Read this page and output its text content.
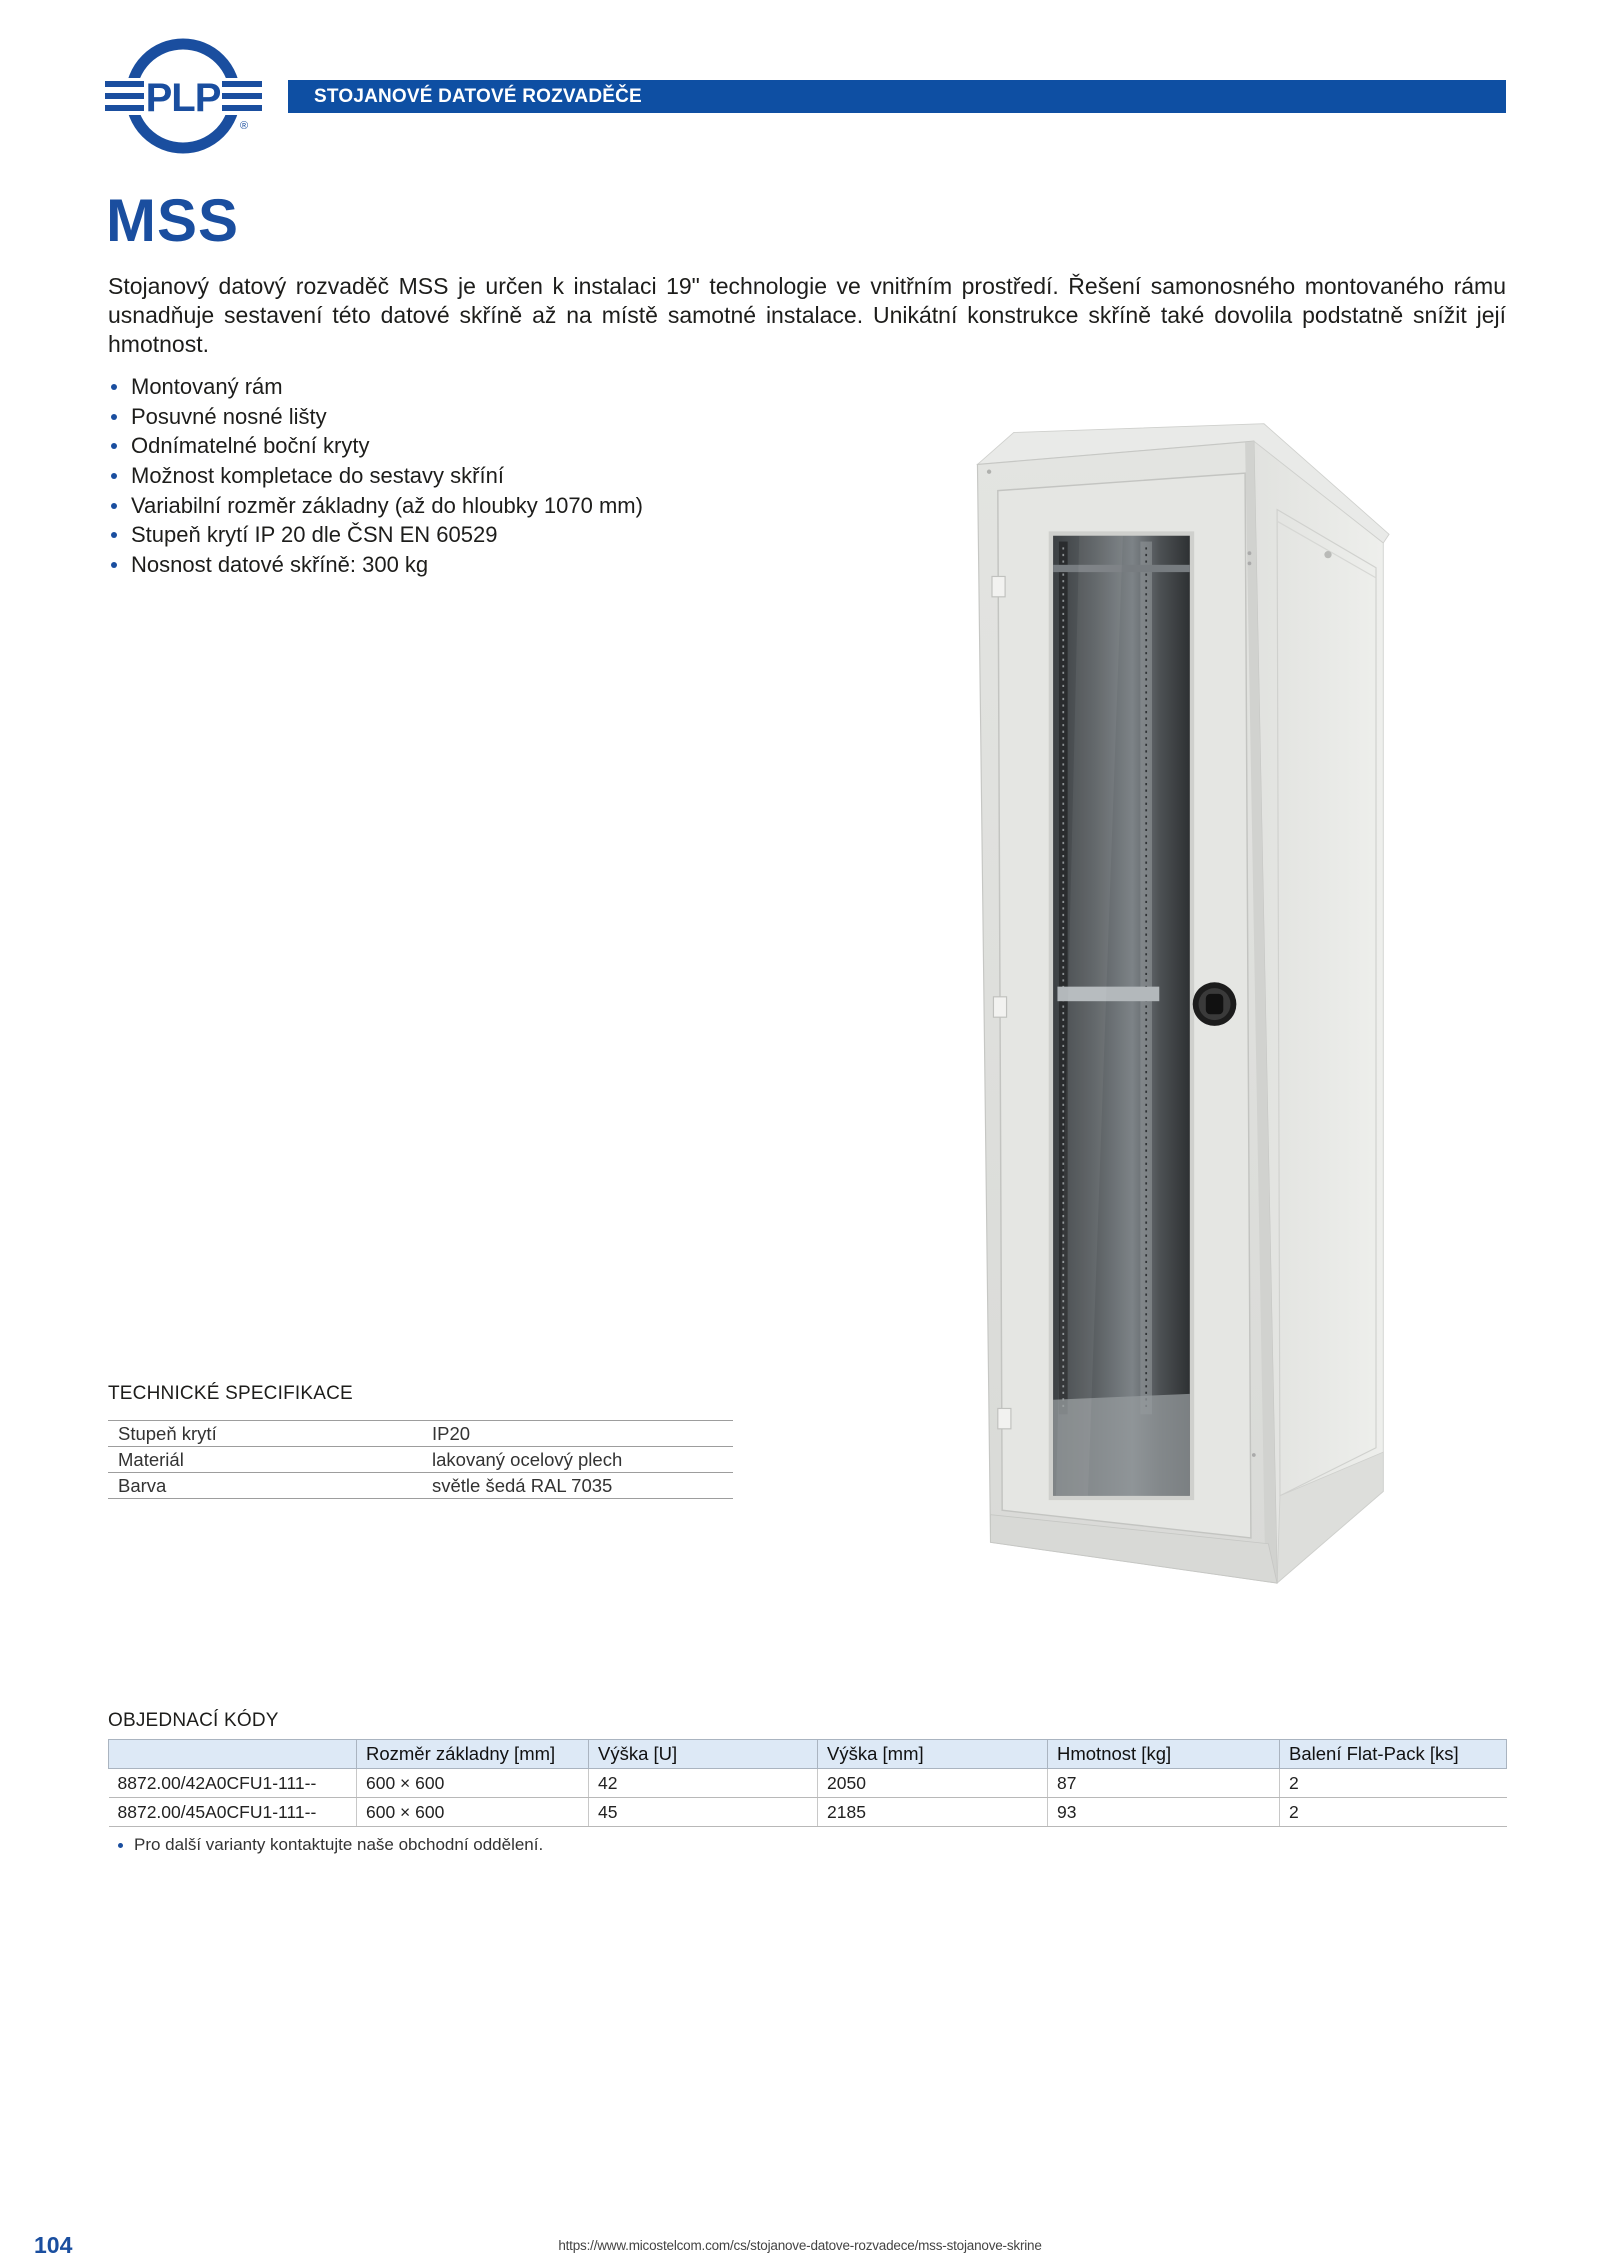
PLP
®
STOJANOVÉ DATOVÉ ROZVADĚČE
MSS

Stojanový datový rozvaděč MSS je určen k instalaci 19" technologie ve vnitřním prostředí. Řešení samonosného montovaného rámu usnadňuje sestavení této datové skříně až na místě samotné instalace. Unikátní konstrukce skříně také dovolila podstatně snížit její hmotnost.

Montovaný rám
Posuvné nosné lišty
Odnímatelné boční kryty
Možnost kompletace do sestavy skříní
Variabilní rozměr základny (až do hloubky 1070 mm)
Stupeň krytí IP 20 dle ČSN EN 60529
Nosnost datové skříně: 300 kg
TECHNICKÉ SPECIFIKACE
Stupeň krytí	IP20
Materiál	lakovaný ocelový plech
Barva	světle šedá RAL 7035
OBJEDNACÍ KÓDY
	Rozměr základny [mm]	Výška [U]	Výška [mm]	Hmotnost [kg]	Balení Flat-Pack [ks]
8872.00/42A0CFU1-111--	600 × 600	42	2050	87	2
8872.00/45A0CFU1-111--	600 × 600	45	2185	93	2
Pro další varianty kontaktujte naše obchodní oddělení.
104	https://www.micostelcom.com/cs/stojanove-datove-rozvadece/mss-stojanove-skrine
